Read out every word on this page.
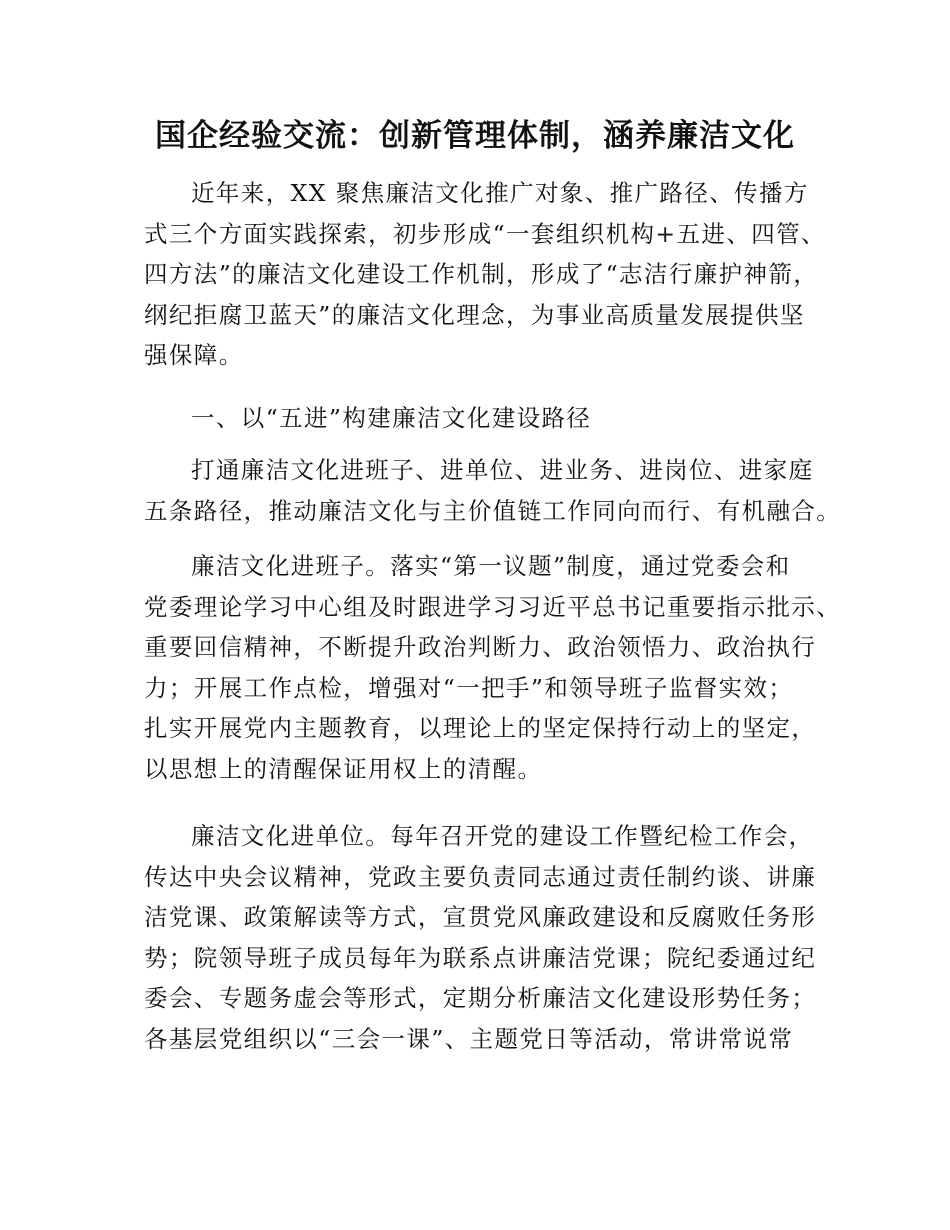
国企经验交流：创新管理体制，涵养廉洁文化

近年来，XX 聚焦廉洁文化推广对象、推广路径、传播方
式三个方面实践探索，初步形成“一套组织机构+五进、四管、
四方法”的廉洁文化建设工作机制，形成了“志洁行廉护神箭，
纲纪拒腐卫蓝天”的廉洁文化理念，为事业高质量发展提供坚
强保障。

一、以“五进”构建廉洁文化建设路径

打通廉洁文化进班子、进单位、进业务、进岗位、进家庭
五条路径，推动廉洁文化与主价值链工作同向而行、有机融合。

廉洁文化进班子。落实“第一议题”制度，通过党委会和
党委理论学习中心组及时跟进学习习近平总书记重要指示批示、
重要回信精神，不断提升政治判断力、政治领悟力、政治执行
力；开展工作点检，增强对“一把手”和领导班子监督实效；
扎实开展党内主题教育，以理论上的坚定保持行动上的坚定，
以思想上的清醒保证用权上的清醒。

廉洁文化进单位。每年召开党的建设工作暨纪检工作会，
传达中央会议精神，党政主要负责同志通过责任制约谈、讲廉
洁党课、政策解读等方式，宣贯党风廉政建设和反腐败任务形
势；院领导班子成员每年为联系点讲廉洁党课；院纪委通过纪
委会、专题务虚会等形式，定期分析廉洁文化建设形势任务；
各基层党组织以“三会一课”、主题党日等活动，常讲常说常
